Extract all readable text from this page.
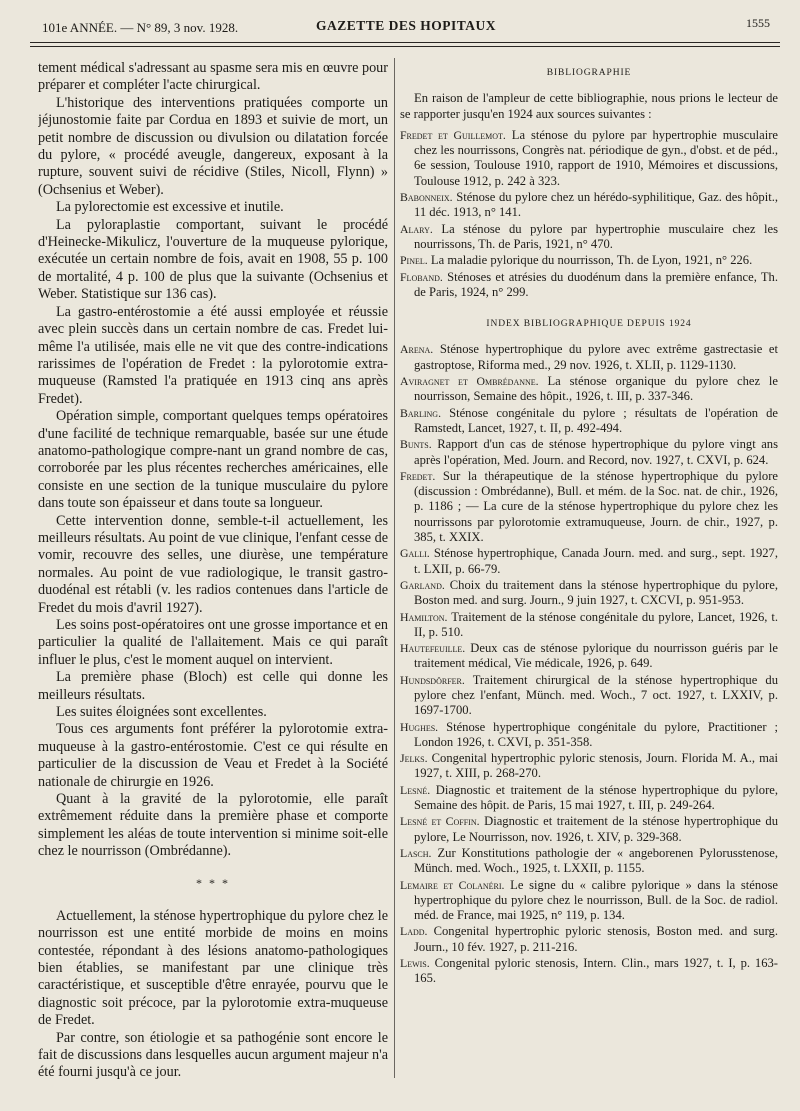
101e ANNÉE. — N° 89, 3 nov. 1928.	GAZETTE DES HOPITAUX	1555

tement médical s'adressant au spasme sera mis en œuvre pour préparer et compléter l'acte chirurgical.

L'historique des interventions pratiquées comporte un jéjunostomie faite par Cordua en 1893 et suivie de mort, un petit nombre de discussion ou divulsion ou dilatation forcée du pylore, « procédé aveugle, dangereux, exposant à la rupture, souvent suivi de récidive (Stiles, Nicoll, Flynn) » (Ochsenius et Weber).

La pylorectomie est excessive et inutile.

La pyloraplastie comportant, suivant le procédé d'Heinecke-Mikulicz, l'ouverture de la muqueuse pylorique, exécutée un certain nombre de fois, avait en 1908, 55 p. 100 de mortalité, 4 p. 100 de plus que la suivante (Ochsenius et Weber. Statistique sur 136 cas).

La gastro-entérostomie a été aussi employée et réussie avec plein succès dans un certain nombre de cas. Fredet lui-même l'a utilisée, mais elle ne vit que des contre-indications rarissimes de l'opération de Fredet : la pylorotomie extra-muqueuse (Ramsted l'a pratiquée en 1913 cinq ans après Fredet).

Opération simple, comportant quelques temps opératoires d'une facilité de technique remarquable, basée sur une étude anatomo-pathologique compre-nant un grand nombre de cas, corroborée par les plus récentes recherches américaines, elle consiste en une section de la tunique musculaire du pylore dans toute son épaisseur et dans toute sa longueur.

Cette intervention donne, semble-t-il actuellement, les meilleurs résultats. Au point de vue clinique, l'enfant cesse de vomir, recouvre des selles, une diurèse, une température normales. Au point de vue radiologique, le transit gastro-duodénal est rétabli (v. les radios contenues dans l'article de Fredet du mois d'avril 1927).

Les soins post-opératoires ont une grosse importance et en particulier la qualité de l'allaitement. Mais ce qui paraît influer le plus, c'est le moment auquel on intervient.

La première phase (Bloch) est celle qui donne les meilleurs résultats.

Les suites éloignées sont excellentes.

Tous ces arguments font préférer la pylorotomie extra-muqueuse à la gastro-entérostomie. C'est ce qui résulte en particulier de la discussion de Veau et Fredet à la Société nationale de chirurgie en 1926.

Quant à la gravité de la pylorotomie, elle paraît extrêmement réduite dans la première phase et comporte simplement les aléas de toute intervention si minime soit-elle chez le nourrisson (Ombrédanne).

* * *

Actuellement, la sténose hypertrophique du pylore chez le nourrisson est une entité morbide de moins en moins contestée, répondant à des lésions anatomo-pathologiques bien établies, se manifestant par une clinique très caractéristique, et susceptible d'être enrayée, pourvu que le diagnostic soit précoce, par la pylorotomie extra-muqueuse de Fredet.

Par contre, son étiologie et sa pathogénie sont encore le fait de discussions dans lesquelles aucun argument majeur n'a été fourni jusqu'à ce jour.

BIBLIOGRAPHIE

En raison de l'ampleur de cette bibliographie, nous prions le lecteur de se rapporter jusqu'en 1924 aux sources suivantes :

Fredet et Guillemot. La sténose du pylore par hypertrophie musculaire chez les nourrissons, Congrès nat. périodique de gyn., d'obst. et de péd., 6e session, Toulouse 1910, rapport de 1910, Mémoires et discussions, Toulouse 1912, p. 242 à 323.

Babonneix. Sténose du pylore chez un hérédo-syphilitique, Gaz. des hôpit., 11 déc. 1913, n° 141.

Alary. La sténose du pylore par hypertrophie musculaire chez les nourrissons, Th. de Paris, 1921, n° 470.

Pinel. La maladie pylorique du nourrisson, Th. de Lyon, 1921, n° 226.

Floband. Sténoses et atrésies du duodénum dans la première enfance, Th. de Paris, 1924, n° 299.

INDEX BIBLIOGRAPHIQUE DEPUIS 1924

Arena. Sténose hypertrophique du pylore avec extrême gastrectasie et gastroptose, Riforma med., 29 nov. 1926, t. XLII, p. 1129-1130.

Aviragnet et Ombrédanne. La sténose organique du pylore chez le nourrisson, Semaine des hôpit., 1926, t. III, p. 337-346.

Barling. Sténose congénitale du pylore ; résultats de l'opération de Ramstedt, Lancet, 1927, t. II, p. 492-494.

Bunts. Rapport d'un cas de sténose hypertrophique du pylore vingt ans après l'opération, Med. Journ. and Record, nov. 1927, t. CXVI, p. 624.

Fredet. Sur la thérapeutique de la sténose hypertrophique du pylore (discussion : Ombrédanne), Bull. et mém. de la Soc. nat. de chir., 1926, p. 1186 ; — La cure de la sténose hypertrophique du pylore chez les nourrissons par pylorotomie extramuqueuse, Journ. de chir., 1927, p. 385, t. XXIX.

Galli. Sténose hypertrophique, Canada Journ. med. and surg., sept. 1927, t. LXII, p. 66-79.

Garland. Choix du traitement dans la sténose hypertrophique du pylore, Boston med. and surg. Journ., 9 juin 1927, t. CXCVI, p. 951-953.

Hamilton. Traitement de la sténose congénitale du pylore, Lancet, 1926, t. II, p. 510.

Hautefeuille. Deux cas de sténose pylorique du nourrisson guéris par le traitement médical, Vie médicale, 1926, p. 649.

Hundsdörfer. Traitement chirurgical de la sténose hypertrophique du pylore chez l'enfant, Münch. med. Woch., 7 oct. 1927, t. LXXIV, p. 1697-1700.

Hughes. Sténose hypertrophique congénitale du pylore, Practitioner ; London 1926, t. CXVI, p. 351-358.

Jelks. Congenital hypertrophic pyloric stenosis, Journ. Florida M. A., mai 1927, t. XIII, p. 268-270.

Lesné. Diagnostic et traitement de la sténose hypertrophique du pylore, Semaine des hôpit. de Paris, 15 mai 1927, t. III, p. 249-264.

Lesné et Coffin. Diagnostic et traitement de la sténose hypertrophique du pylore, Le Nourrisson, nov. 1926, t. XIV, p. 329-368.

Lasch. Zur Konstitutions pathologie der « angeborenen Pylorusstenose, Münch. med. Woch., 1925, t. LXXII, p. 1155.

Lemaire et Colanéri. Le signe du « calibre pylorique » dans la sténose hypertrophique du pylore chez le nourrisson, Bull. de la Soc. de radiol. méd. de France, mai 1925, n° 119, p. 134.

Ladd. Congenital hypertrophic pyloric stenosis, Boston med. and surg. Journ., 10 fév. 1927, p. 211-216.

Lewis. Congenital pyloric stenosis, Intern. Clin., mars 1927, t. I, p. 163-165.
